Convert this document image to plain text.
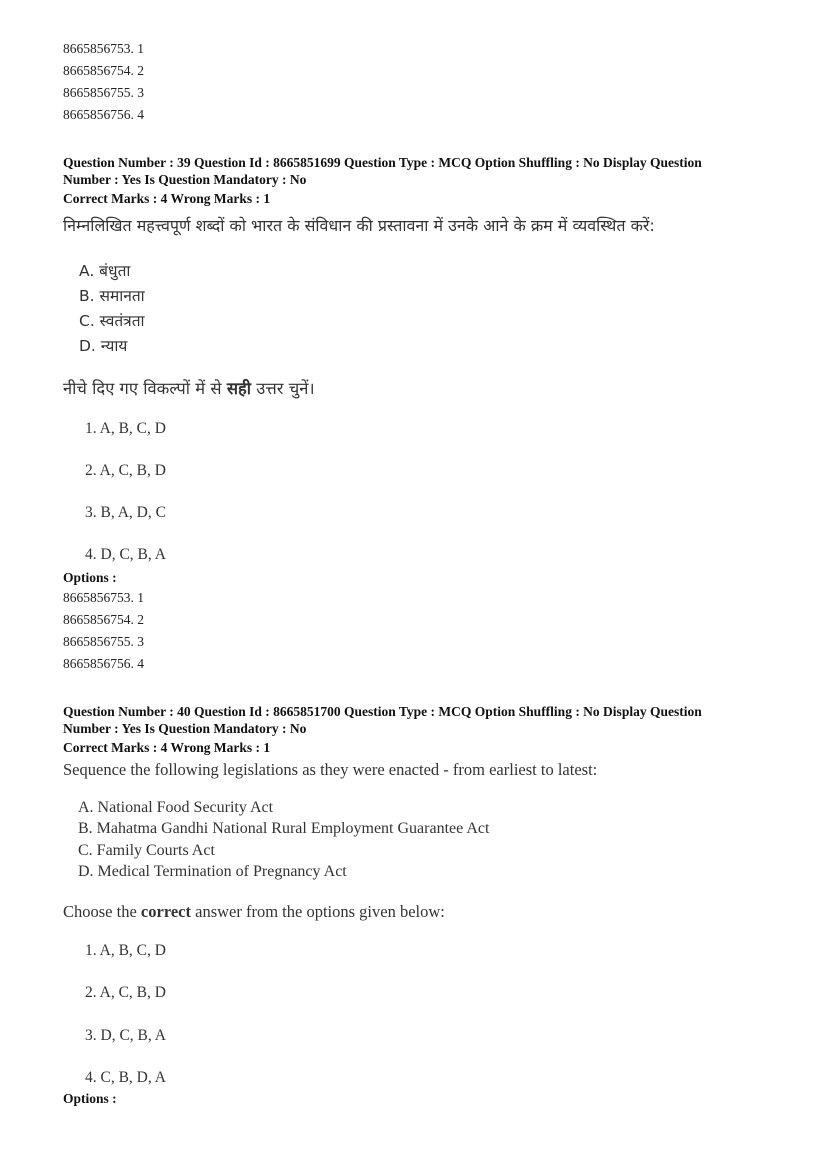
8665856753. 1
8665856754. 2
8665856755. 3
8665856756. 4
Question Number : 39 Question Id : 8665851699 Question Type : MCQ Option Shuffling : No Display Question
Number : Yes Is Question Mandatory : No
Correct Marks : 4 Wrong Marks : 1
निम्नलिखित महत्त्वपूर्ण शब्दों को भारत के संविधान की प्रस्तावना में उनके आने के क्रम में व्यवस्थित करें:
A. बंधुता
B. समानता
C. स्वतंत्रता
D. न्याय
नीचे दिए गए विकल्पों में से सही उत्तर चुनें।
1. A, B, C, D
2. A, C, B, D
3. B, A, D, C
4. D, C, B, A
Options :
8665856753. 1
8665856754. 2
8665856755. 3
8665856756. 4
Question Number : 40 Question Id : 8665851700 Question Type : MCQ Option Shuffling : No Display Question
Number : Yes Is Question Mandatory : No
Correct Marks : 4 Wrong Marks : 1
Sequence the following legislations as they were enacted - from earliest to latest:
A. National Food Security Act
B. Mahatma Gandhi National Rural Employment Guarantee Act
C. Family Courts Act
D. Medical Termination of Pregnancy Act
Choose the correct answer from the options given below:
1. A, B, C, D
2. A, C, B, D
3. D, C, B, A
4. C, B, D, A
Options :
